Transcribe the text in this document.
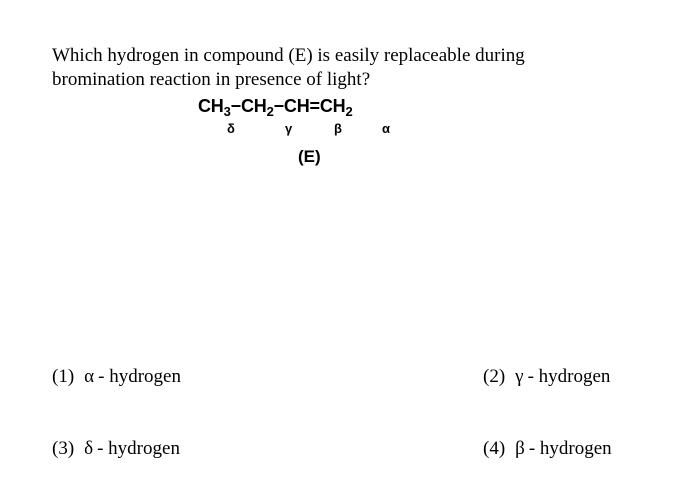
Which hydrogen in compound (E) is easily replaceable during
bromination reaction in presence of light?
$CH_3-CH_2-CH=CH_2$
δ	γ	β	α
(E)
(1) α - hydrogen	(2) γ - hydrogen
(3) δ - hydrogen	(4) β - hydrogen
